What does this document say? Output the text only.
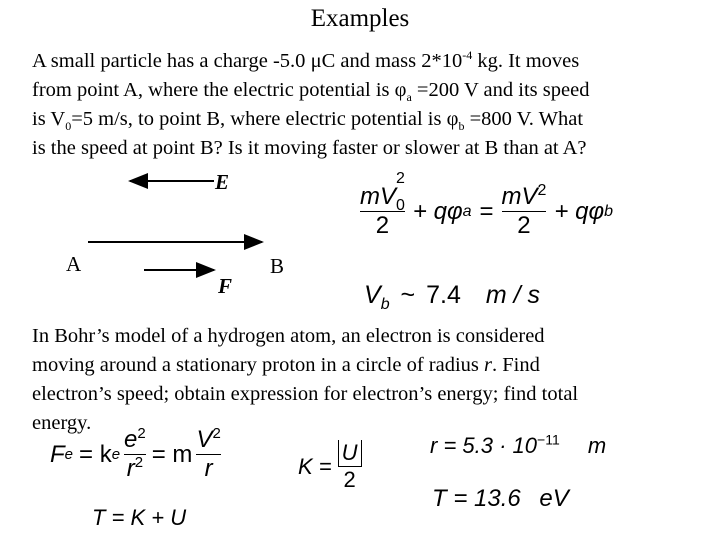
Examples
A small particle has a charge -5.0 μC and mass $2*10^{-4}$ kg. It moves
from point A, where the electric potential is $\varphi_a =200$ V and its speed
is $V_0=5$ m/s, to point B, where electric potential is $\varphi_b =800$ V. What
is the speed at point B? Is it moving faster or slower at B than at A?
E
A	B
F
mV
2
$_0$
2 + qφ $a = \frac{mV^2}{2} + q\varphi$ b
$V_b$ ~ 7.4 m / s
In Bohr’s model of a hydrogen atom, an electron is considered
moving around a stationary proton in a circle of radius r. Find
electron’s speed; obtain expression for electron’s energy; find total
energy.
F e = k e $\frac{e^2}{r^2} = m \frac{V^2}{r}$	$K = \frac{U}{2}$	$r = 5.3 \cdot 10^{-11}$ m
T = 13.6 eV
T = K + U
